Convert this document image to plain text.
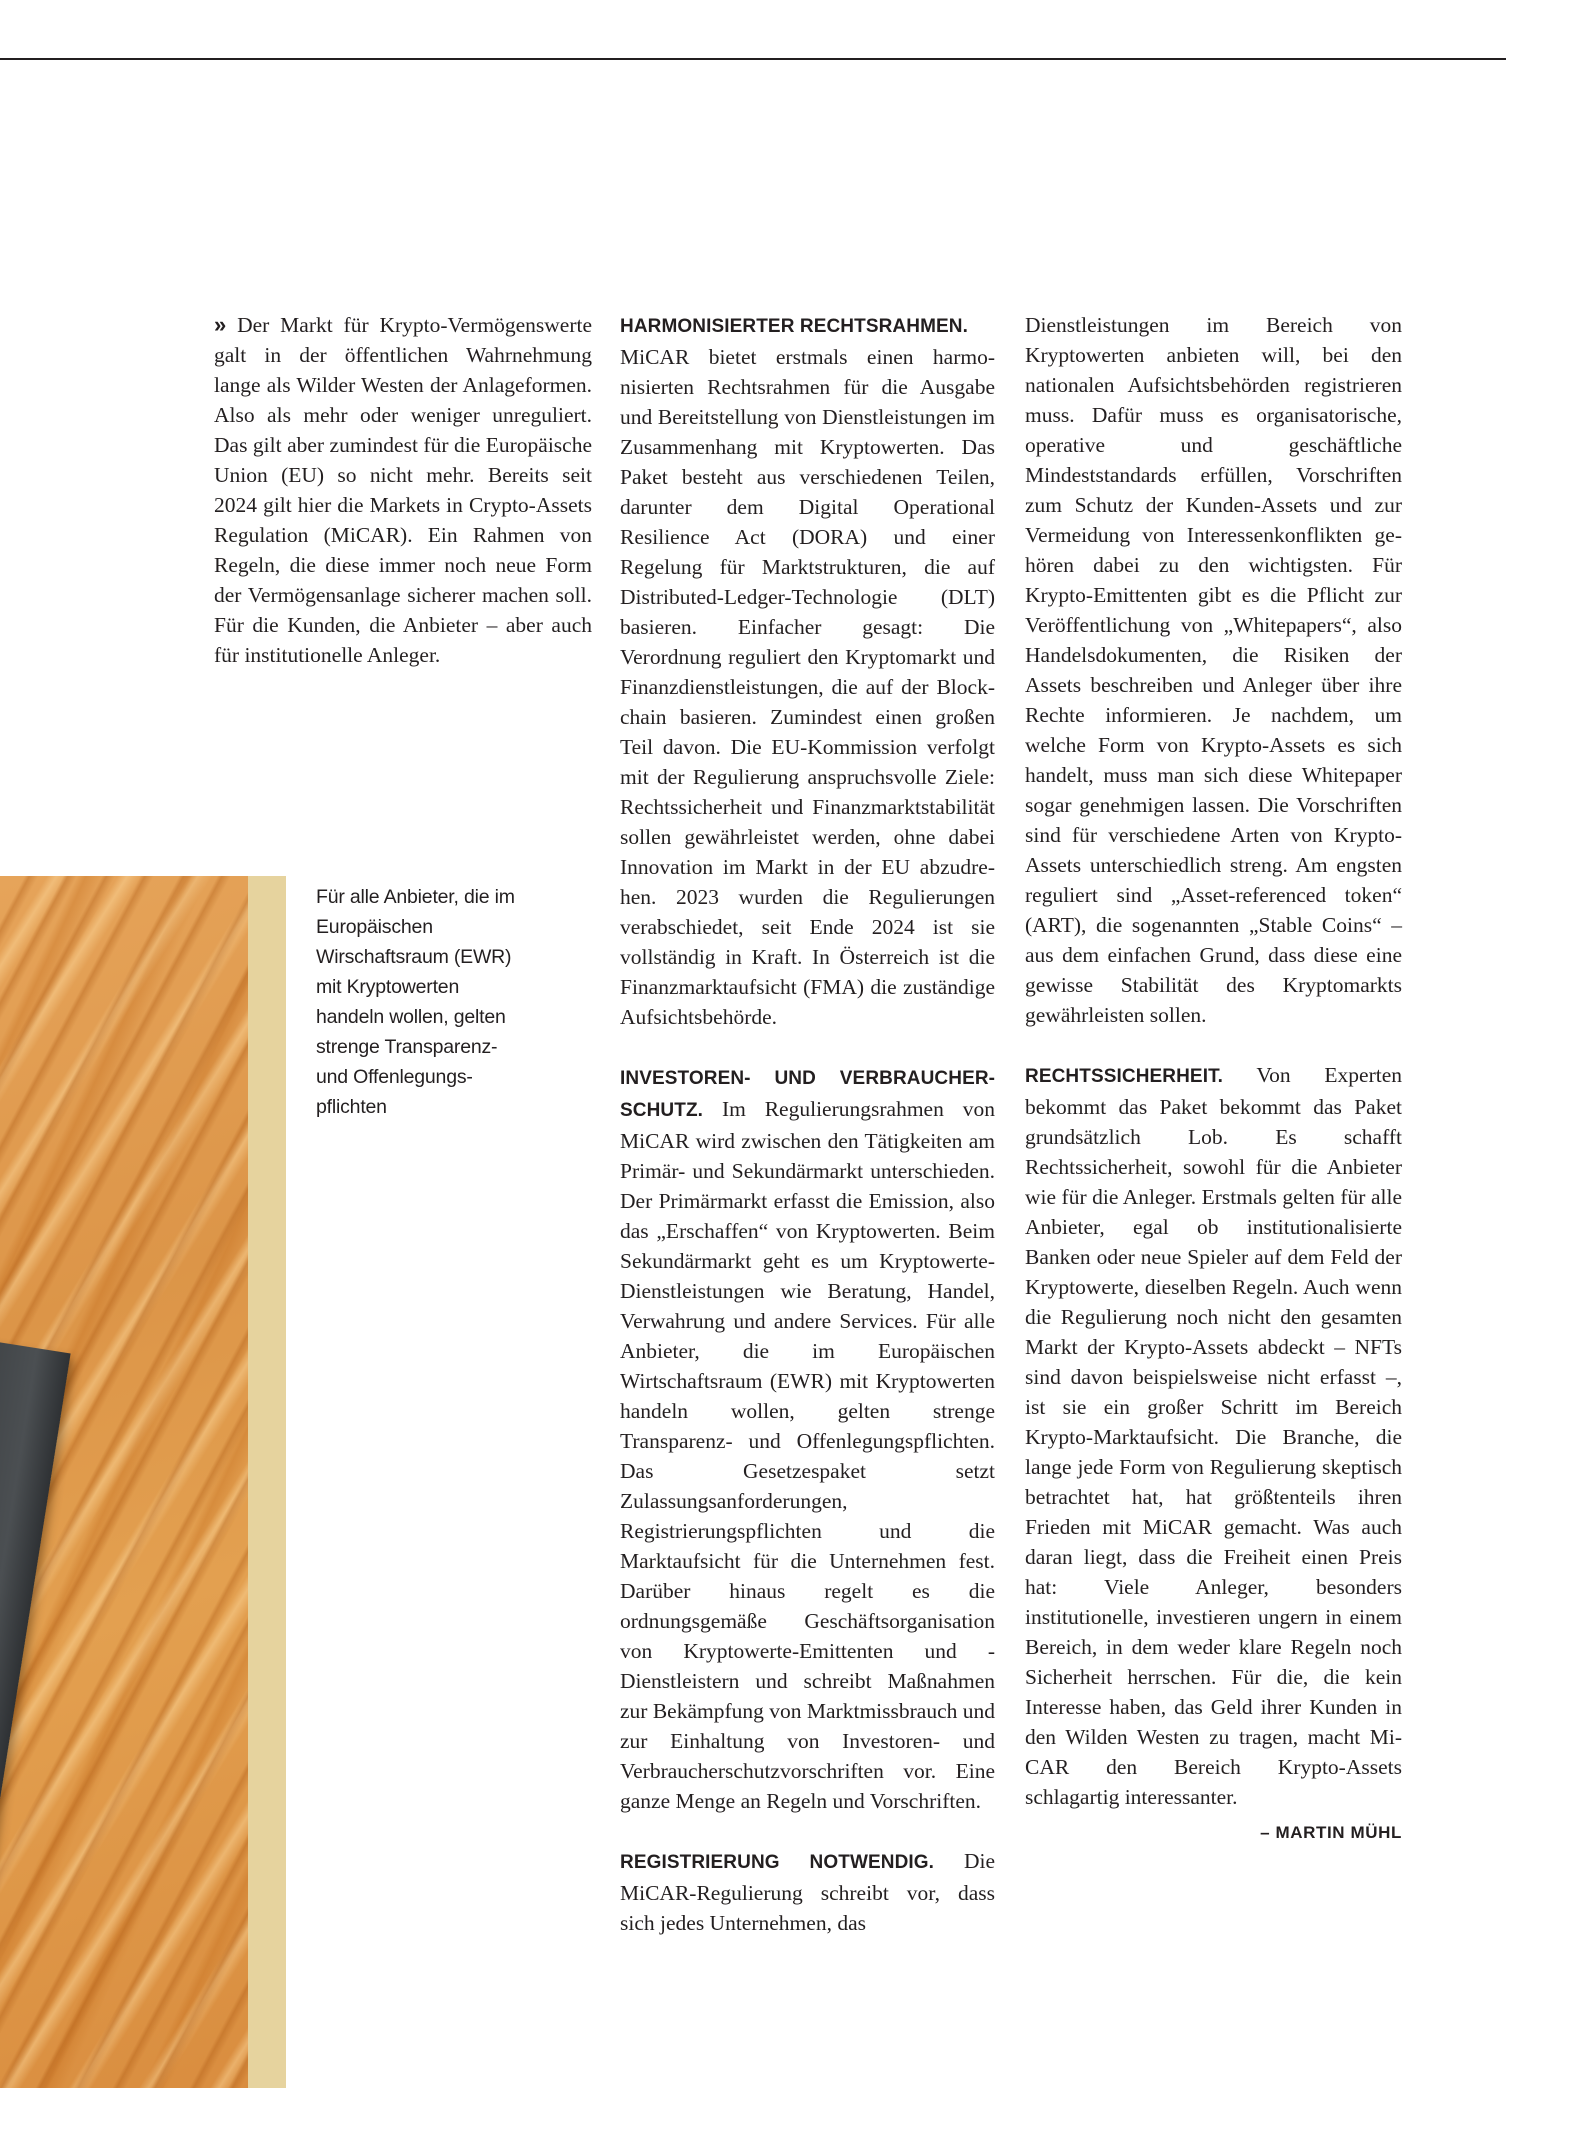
Für alle Anbieter, die im Europäischen Wirschaftsraum (EWR) mit Kryptowerten handeln wollen, gelten strenge Transparenz- und Offenlegungspflichten

» Der Markt für Krypto-Vermögenswerte galt in der öffentlichen Wahrnehmung lange als Wilder Westen der Anlageformen. Also als mehr oder weniger unreguliert. Das gilt aber zumindest für die Europäische Union (EU) so nicht mehr. Bereits seit 2024 gilt hier die Markets in Crypto-Assets Regulation (MiCAR). Ein Rahmen von Regeln, die diese immer noch neue Form der Vermögensanlage sicherer machen soll. Für die Kunden, die Anbieter – aber auch für institutionelle Anleger.

HARMONISIERTER RECHTSRAHMEN.
MiCAR bietet erstmals einen harmonisierten Rechtsrahmen für die Ausgabe und Bereitstellung von Dienstleistungen im Zusammenhang mit Kryptowerten. Das Paket besteht aus verschiedenen Teilen, darunter dem Digital Operational Resilience Act (DORA) und einer Regelung für Marktstrukturen, die auf Distributed-Ledger-Technologie (DLT) basieren. Einfacher gesagt: Die Verordnung reguliert den Kryptomarkt und Finanzdienstleistungen, die auf der Blockchain basieren. Zumindest einen großen Teil davon. Die EU-Kommission verfolgt mit der Regulierung anspruchsvolle Ziele: Rechtssicherheit und Finanzmarktstabilität sollen gewährleistet werden, ohne dabei Innovation im Markt in der EU abzudrehen. 2023 wurden die Regulierungen verabschiedet, seit Ende 2024 ist sie vollständig in Kraft. In Österreich ist die Finanzmarktaufsicht (FMA) die zuständige Aufsichtsbehörde.

INVESTOREN- UND VERBRAUCHERSCHUTZ. Im Regulierungsrahmen von MiCAR wird zwischen den Tätigkeiten am Primär- und Sekundärmarkt unterschieden. Der Primärmarkt erfasst die Emission, also das „Erschaffen“ von Kryptowerten. Beim Sekundärmarkt geht es um Kryptowerte-Dienstleistungen wie Beratung, Handel, Verwahrung und andere Services. Für alle Anbieter, die im Europäischen Wirtschaftsraum (EWR) mit Kryptowerten handeln wollen, gelten strenge Transparenz- und Offenlegungspflichten. Das Gesetzespaket setzt Zulassungsanforderungen, Registrierungspflichten und die Marktaufsicht für die Unternehmen fest. Darüber hinaus regelt es die ordnungsgemäße Geschäftsorganisation von Kryptowerte-Emittenten und -Dienstleistern und schreibt Maßnahmen zur Bekämpfung von Marktmissbrauch und zur Einhaltung von Investoren- und Verbraucherschutzvorschriften vor. Eine ganze Menge an Regeln und Vorschriften.

REGISTRIERUNG NOTWENDIG. Die MiCAR-Regulierung schreibt vor, dass sich jedes Unternehmen, das

Dienstleistungen im Bereich von Kryptowerten anbieten will, bei den nationalen Aufsichtsbehörden registrieren muss. Dafür muss es organisatorische, operative und geschäftliche Mindeststandards erfüllen, Vorschriften zum Schutz der Kunden-Assets und zur Vermeidung von Interessenkonflikten gehören dabei zu den wichtigsten. Für Krypto-Emittenten gibt es die Pflicht zur Veröffentlichung von „Whitepapers“, also Handelsdokumenten, die Risiken der Assets beschreiben und Anleger über ihre Rechte informieren. Je nachdem, um welche Form von Krypto-Assets es sich handelt, muss man sich diese Whitepaper sogar genehmigen lassen. Die Vorschriften sind für verschiedene Arten von Krypto-Assets unterschiedlich streng. Am engsten reguliert sind „Asset-referenced token“ (ART), die sogenannten „Stable Coins“ – aus dem einfachen Grund, dass diese eine gewisse Stabilität des Kryptomarkts gewährleisten sollen.

RECHTSSICHERHEIT. Von Experten bekommt das Paket bekommt das Paket grundsätzlich Lob. Es schafft Rechtssicherheit, sowohl für die Anbieter wie für die Anleger. Erstmals gelten für alle Anbieter, egal ob institutionalisierte Banken oder neue Spieler auf dem Feld der Kryptowerte, dieselben Regeln. Auch wenn die Regulierung noch nicht den gesamten Markt der Krypto-Assets abdeckt – NFTs sind davon beispielsweise nicht erfasst –, ist sie ein großer Schritt im Bereich Krypto-Marktaufsicht. Die Branche, die lange jede Form von Regulierung skeptisch betrachtet hat, hat größtenteils ihren Frieden mit MiCAR gemacht. Was auch daran liegt, dass die Freiheit einen Preis hat: Viele Anleger, besonders institutionelle, investieren ungern in einem Bereich, in dem weder klare Regeln noch Sicherheit herrschen. Für die, die kein Interesse haben, das Geld ihrer Kunden in den Wilden Westen zu tragen, macht MiCAR den Bereich Krypto-Assets schlagartig interessanter.

– MARTIN MÜHL
